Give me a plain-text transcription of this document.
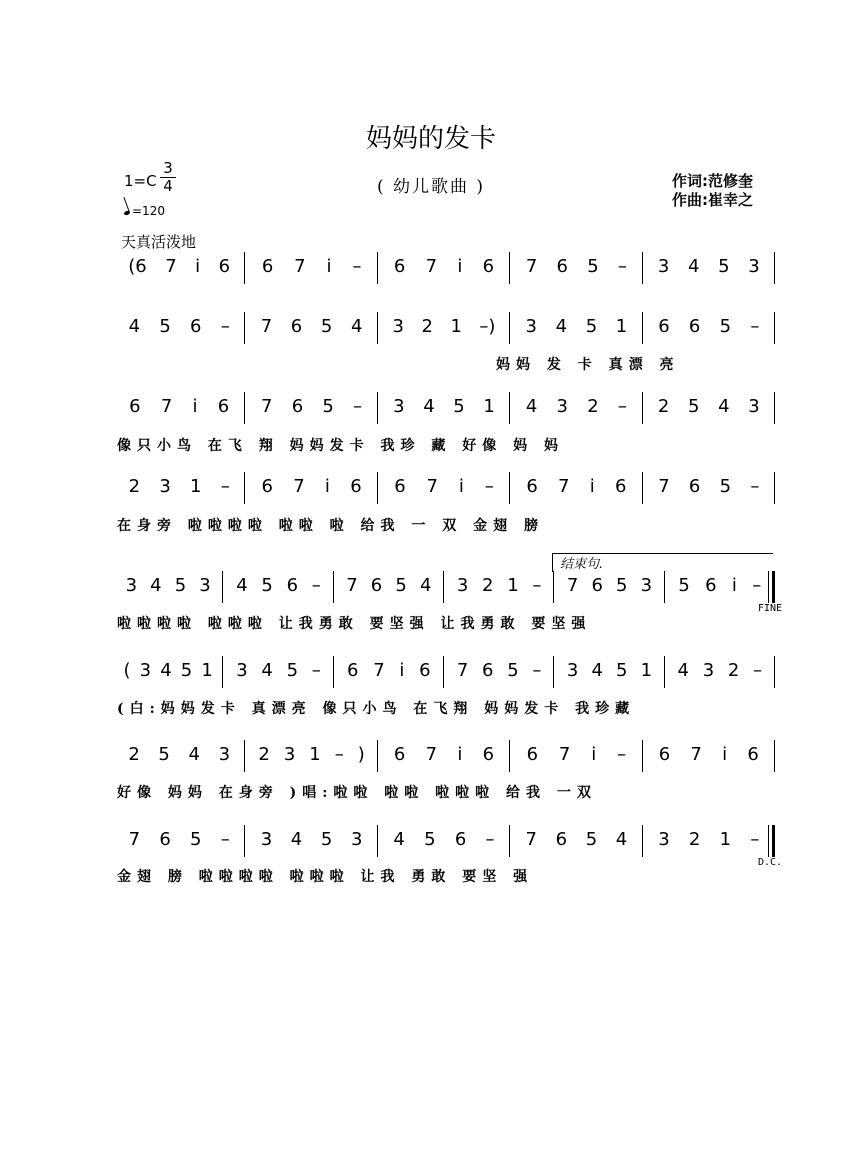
妈妈的发卡
( 幼儿歌曲 )	作词:范修奎
作曲:崔幸之
1=C
3
4
=120
天真活泼地
(6 7 i 6 6 7 i – 6 7 i 6 7 6 5 – 3 4 5 3
4 5 6 – 7 6 5 4 3 2 1 –) 3 4 5 1 6 6 5 –
妈妈 发 卡 真漂 亮
6 7 i 6 7 6 5 – 3 4 5 1 4 3 2 – 2 5 4 3
像只小鸟 在飞 翔 妈妈发卡 我珍 藏 好像 妈 妈
2 3 1 – 6 7 i 6 6 7 i – 6 7 i 6 7 6 5 –
在身旁 啦啦啦啦 啦啦 啦 给我 一 双 金翅 膀
3 4 5 3 4 5 6 – 7 6 5 4 3 2 1 – 7 6 5 3 5 6 i –
啦啦啦啦 啦啦啦 让我勇敢 要坚强 让我勇敢 要坚强
结束句.
FINE
( 3 4 5 1 3 4 5 – 6 7 i 6 7 6 5 – 3 4 5 1 4 3 2 –
(白:妈妈发卡 真漂亮 像只小鸟 在飞翔 妈妈发卡 我珍藏
2 5 4 3 2 3 1 – ) 6 7 i 6 6 7 i – 6 7 i 6
好像 妈妈 在身旁 )唱:啦啦 啦啦 啦啦啦 给我 一双
7 6 5 – 3 4 5 3 4 5 6 – 7 6 5 4 3 2 1 –
金翅 膀 啦啦啦啦 啦啦啦 让我 勇敢 要坚 强
D.C.
